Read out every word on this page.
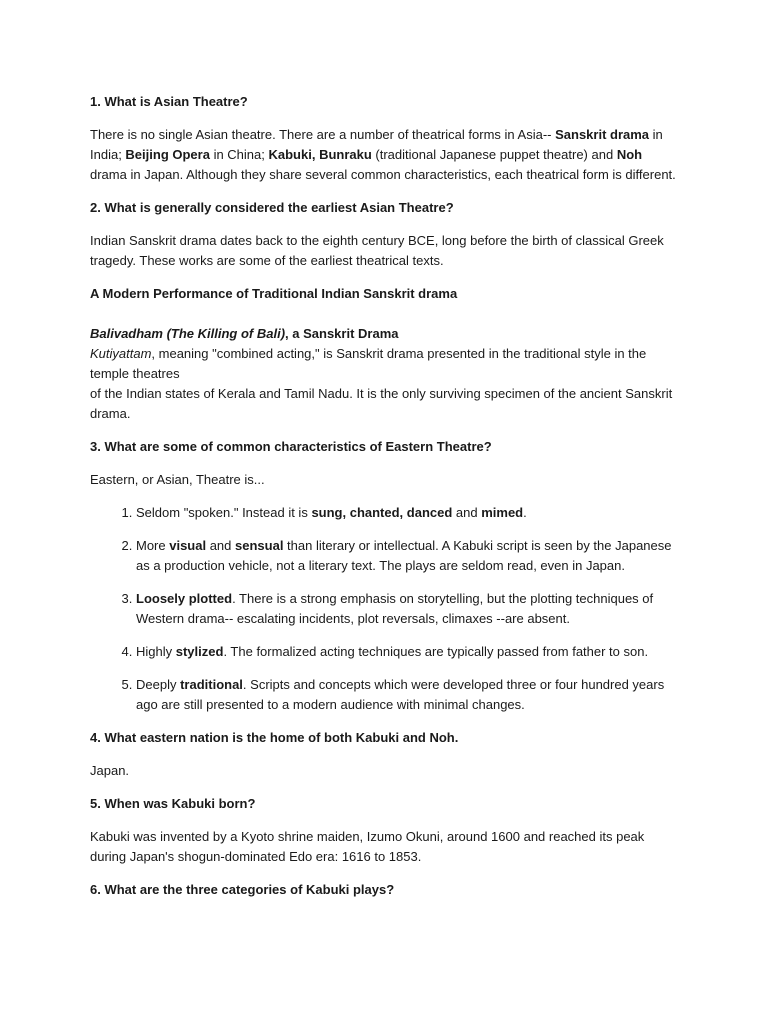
1. What is Asian Theatre?

There is no single Asian theatre. There are a number of theatrical forms in Asia-- Sanskrit drama in India; Beijing Opera in China; Kabuki, Bunraku (traditional Japanese puppet theatre) and Noh drama in Japan. Although they share several common characteristics, each theatrical form is different.

2. What is generally considered the earliest Asian Theatre?

Indian Sanskrit drama dates back to the eighth century BCE, long before the birth of classical Greek tragedy. These works are some of the earliest theatrical texts.

A Modern Performance of Traditional Indian Sanskrit drama

Balivadham (The Killing of Bali), a Sanskrit Drama

Kutiyattam, meaning "combined acting," is Sanskrit drama presented in the traditional style in the temple theatres

of the Indian states of Kerala and Tamil Nadu. It is the only surviving specimen of the ancient Sanskrit drama.

3. What are some of common characteristics of Eastern Theatre?

Eastern, or Asian, Theatre is...

1. Seldom "spoken." Instead it is sung, chanted, danced and mimed.
2. More visual and sensual than literary or intellectual. A Kabuki script is seen by the Japanese as a production vehicle, not a literary text. The plays are seldom read, even in Japan.
3. Loosely plotted. There is a strong emphasis on storytelling, but the plotting techniques of Western drama-- escalating incidents, plot reversals, climaxes --are absent.
4. Highly stylized. The formalized acting techniques are typically passed from father to son.
5. Deeply traditional. Scripts and concepts which were developed three or four hundred years ago are still presented to a modern audience with minimal changes.
4. What eastern nation is the home of both Kabuki and Noh.

Japan.

5. When was Kabuki born?

Kabuki was invented by a Kyoto shrine maiden, Izumo Okuni, around 1600 and reached its peak during Japan's shogun-dominated Edo era: 1616 to 1853.

6. What are the three categories of Kabuki plays?
